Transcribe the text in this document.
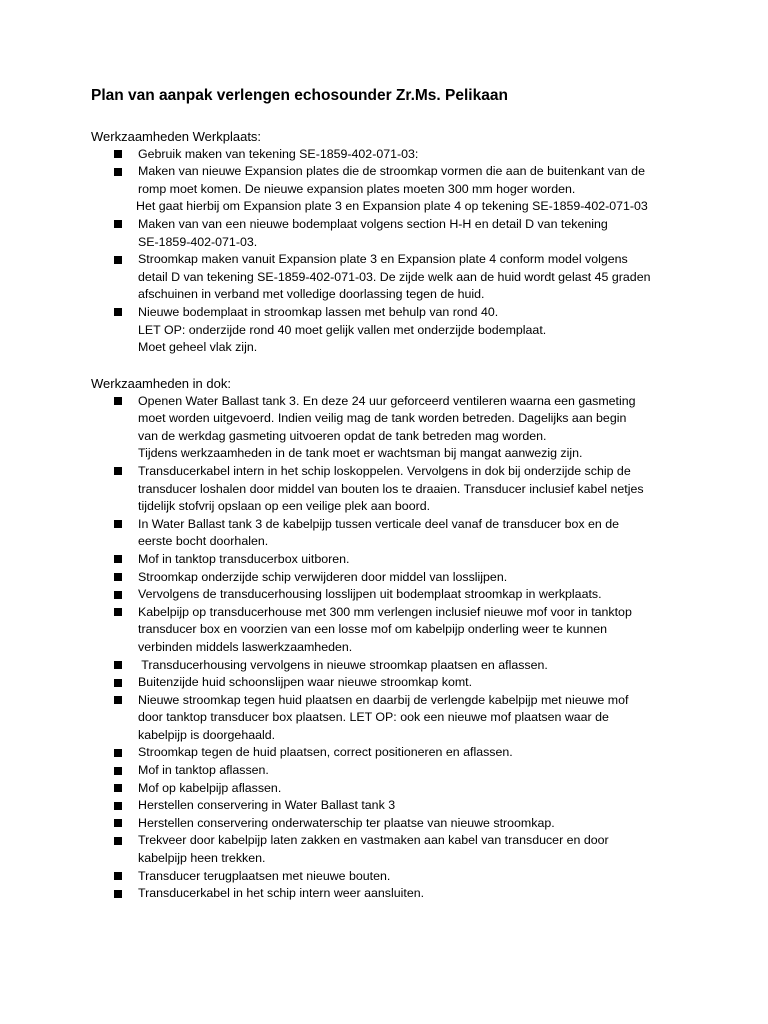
Plan van aanpak verlengen echosounder Zr.Ms. Pelikaan
Werkzaamheden Werkplaats:
Gebruik maken van tekening SE-1859-402-071-03:
Maken van nieuwe Expansion plates die de stroomkap vormen die aan de buitenkant van de
romp moet komen. De nieuwe expansion plates moeten 300 mm hoger worden.
Het gaat hierbij om Expansion plate 3 en Expansion plate 4 op tekening SE-1859-402-071-03
Maken van van een nieuwe bodemplaat volgens section H-H en detail D van tekening
SE-1859-402-071-03.
Stroomkap maken vanuit Expansion plate 3 en Expansion plate 4 conform model volgens
detail D van tekening SE-1859-402-071-03. De zijde welk aan de huid wordt gelast 45 graden
afschuinen in verband met volledige doorlassing tegen de huid.
Nieuwe bodemplaat in stroomkap lassen met behulp van rond 40.
LET OP: onderzijde rond 40 moet gelijk vallen met onderzijde bodemplaat.
Moet geheel vlak zijn.
Werkzaamheden in dok:
Openen Water Ballast tank 3. En deze 24 uur geforceerd ventileren waarna een gasmeting
moet worden uitgevoerd. Indien veilig mag de tank worden betreden. Dagelijks aan begin
van de werkdag gasmeting uitvoeren opdat de tank betreden mag worden.
Tijdens werkzaamheden in de tank moet er wachtsman bij mangat aanwezig zijn.
Transducerkabel intern in het schip loskoppelen. Vervolgens in dok bij onderzijde schip de
transducer loshalen door middel van bouten los te draaien. Transducer inclusief kabel netjes
tijdelijk stofvrij opslaan op een veilige plek aan boord.
In Water Ballast tank 3 de kabelpijp tussen verticale deel vanaf de transducer box en de
eerste bocht doorhalen.
Mof in tanktop transducerbox uitboren.
Stroomkap onderzijde schip verwijderen door middel van losslijpen.
Vervolgens de transducerhousing losslijpen uit bodemplaat stroomkap in werkplaats.
Kabelpijp op transducerhouse met 300 mm verlengen inclusief nieuwe mof voor in tanktop
transducer box en voorzien van een losse mof om kabelpijp onderling weer te kunnen
verbinden middels laswerkzaamheden.
Transducerhousing vervolgens in nieuwe stroomkap plaatsen en aflassen.
Buitenzijde huid schoonslijpen waar nieuwe stroomkap komt.
Nieuwe stroomkap tegen huid plaatsen en daarbij de verlengde kabelpijp met nieuwe mof
door tanktop transducer box plaatsen. LET OP: ook een nieuwe mof plaatsen waar de
kabelpijp is doorgehaald.
Stroomkap tegen de huid plaatsen, correct positioneren en aflassen.
Mof in tanktop aflassen.
Mof op kabelpijp aflassen.
Herstellen conservering in Water Ballast tank 3
Herstellen conservering onderwaterschip ter plaatse van nieuwe stroomkap.
Trekveer door kabelpijp laten zakken en vastmaken aan kabel van transducer en door
kabelpijp heen trekken.
Transducer terugplaatsen met nieuwe bouten.
Transducerkabel in het schip intern weer aansluiten.
